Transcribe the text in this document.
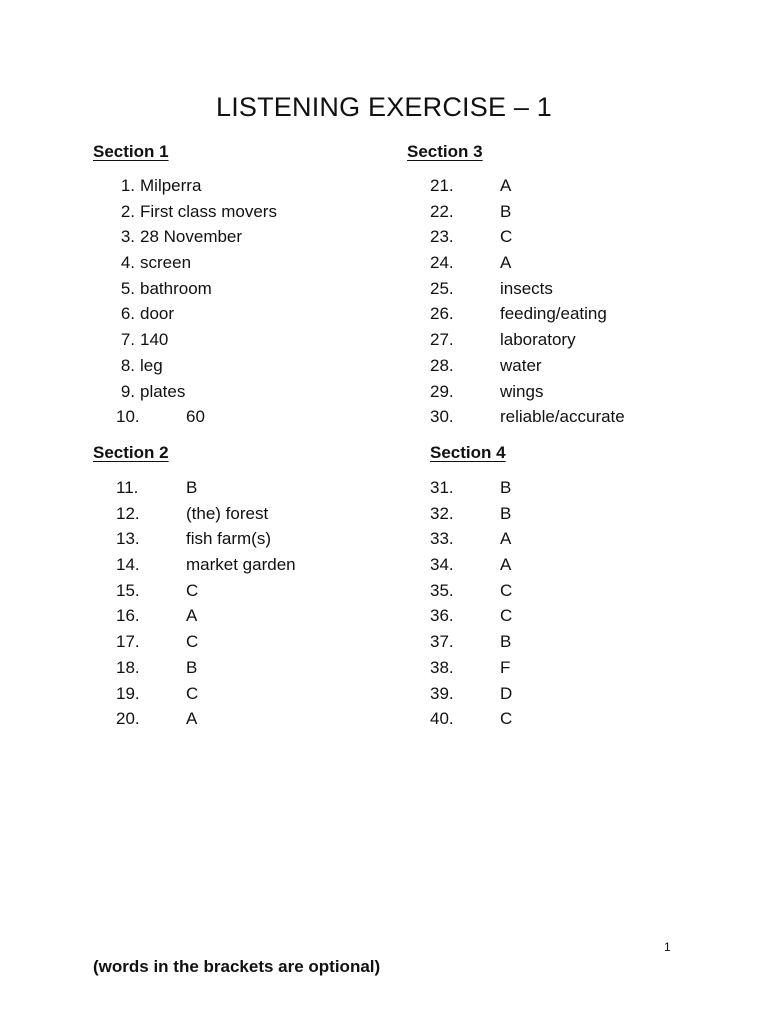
LISTENING EXERCISE – 1
Section 1	Section 3
Section 2	Section 4
1. Milperra
2. First class movers
3. 28 November
4. screen
5. bathroom
6. door
7. 140
8. leg
9. plates
10.	60
21.	A
22.	B
23.	C
24.	A
25.	insects
26.	feeding/eating
27.	laboratory
28.	water
29.	wings
30.	reliable/accurate
11.	B
12.	(the) forest
13.	fish farm(s)
14.	market garden
15.	C
16.	A
17.	C
18.	B
19.	C
20.	A
31.	B
32.	B
33.	A
34.	A
35.	C
36.	C
37.	B
38.	F
39.	D
40.	C
1
(words in the brackets are optional)
